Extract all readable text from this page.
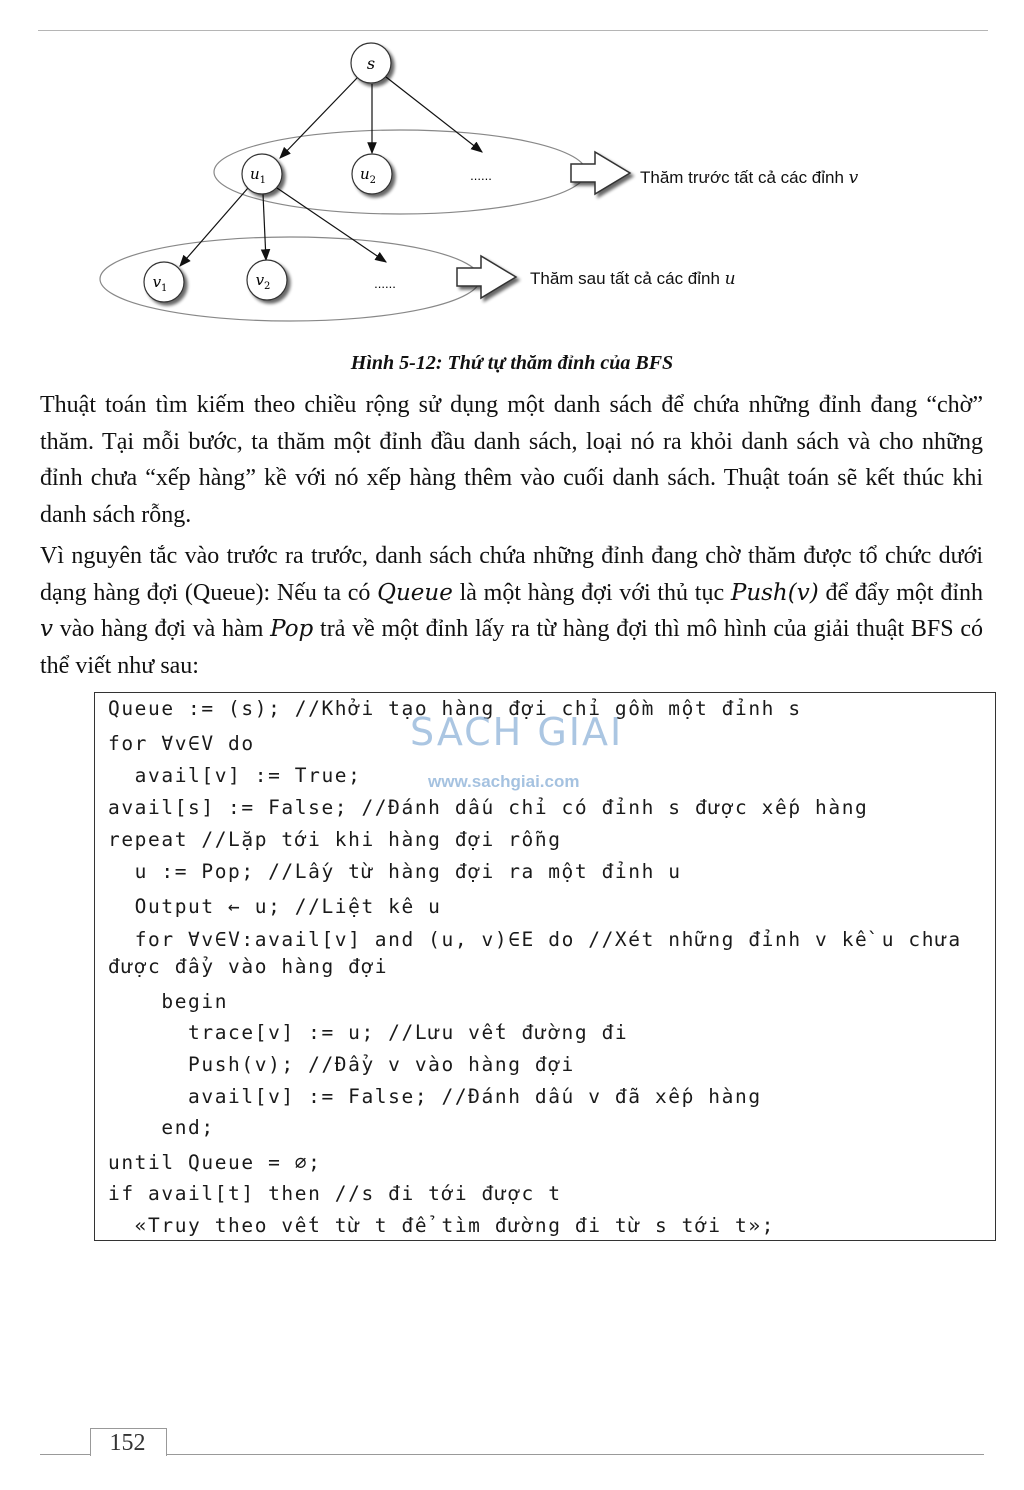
s
$u_1$	$u_2$	......
$v_1$	$v_2$	......
Thăm trước tất cả các đỉnh v
Thăm sau tất cả các đỉnh u
Hình 5-12: Thứ tự thăm đỉnh của BFS

Thuật toán tìm kiếm theo chiều rộng sử dụng một danh sách để chứa những đỉnh đang “chờ” thăm. Tại mỗi bước, ta thăm một đỉnh đầu danh sách, loại nó ra khỏi danh sách và cho những đỉnh chưa “xếp hàng” kề với nó xếp hàng thêm vào cuối danh sách. Thuật toán sẽ kết thúc khi danh sách rỗng.

Vì nguyên tắc vào trước ra trước, danh sách chứa những đỉnh đang chờ thăm được tổ chức dưới dạng hàng đợi (Queue): Nếu ta có Queue là một hàng đợi với thủ tục Push(v) để đẩy một đỉnh v vào hàng đợi và hàm Pop trả về một đỉnh lấy ra từ hàng đợi thì mô hình của giải thuật BFS có thể viết như sau:

Queue := (s); //Khởi tạo hàng đợi chỉ gồm một đỉnh s
for ∀v∈V do
avail[v] := True;
avail[s] := False; //Đánh dấu chỉ có đỉnh s được xếp hàng
repeat //Lặp tới khi hàng đợi rỗng
u := Pop; //Lấy từ hàng đợi ra một đỉnh u
Output ← u; //Liệt kê u
for ∀v∈V:avail[v] and (u, v)∈E do //Xét những đỉnh v kề u chưa được đẩy vào hàng đợi
begin
trace[v] := u; //Lưu vết đường đi
Push(v); //Đẩy v vào hàng đợi
avail[v] := False; //Đánh dấu v đã xếp hàng
end;
until Queue = ∅;
if avail[t] then //s đi tới được t
«Truy theo vết từ t để tìm đường đi từ s tới t»;
SACH GIAI
www.sachgiai.com
152
